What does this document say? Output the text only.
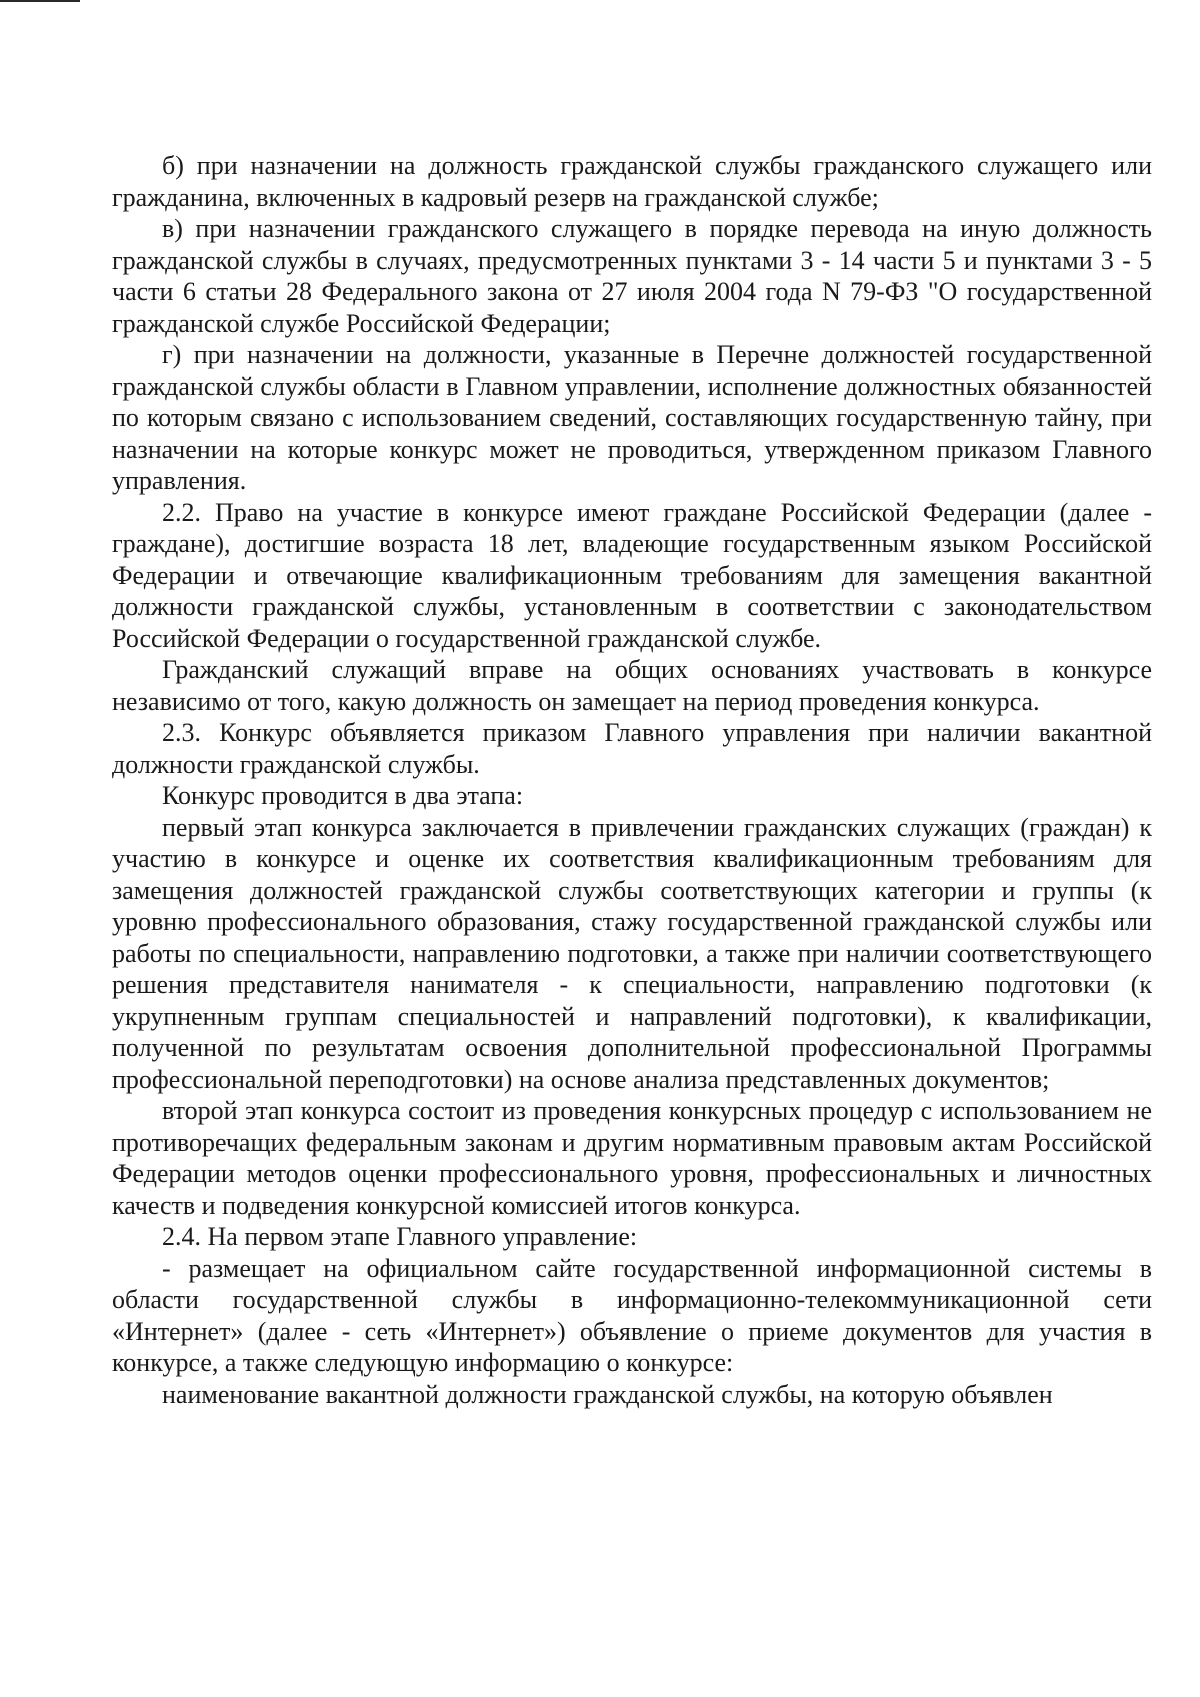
б) при назначении на должность гражданской службы гражданского служащего или гражданина, включенных в кадровый резерв на гражданской службе;

в) при назначении гражданского служащего в порядке перевода на иную должность гражданской службы в случаях, предусмотренных пунктами 3 - 14 части 5 и пунктами 3 - 5 части 6 статьи 28 Федерального закона от 27 июля 2004 года N 79-ФЗ "О государственной гражданской службе Российской Федерации;

г) при назначении на должности, указанные в Перечне должностей государственной гражданской службы области в Главном управлении, исполнение должностных обязанностей по которым связано с использованием сведений, составляющих государственную тайну, при назначении на которые конкурс может не проводиться, утвержденном приказом Главного управления.

2.2. Право на участие в конкурсе имеют граждане Российской Федерации (далее - граждане), достигшие возраста 18 лет, владеющие государственным языком Российской Федерации и отвечающие квалификационным требованиям для замещения вакантной должности гражданской службы, установленным в соответствии с законодательством Российской Федерации о государственной гражданской службе.

Гражданский служащий вправе на общих основаниях участвовать в конкурсе независимо от того, какую должность он замещает на период проведения конкурса.

2.3. Конкурс объявляется приказом Главного управления при наличии вакантной должности гражданской службы.

Конкурс проводится в два этапа:

первый этап конкурса заключается в привлечении гражданских служащих (граждан) к участию в конкурсе и оценке их соответствия квалификационным требованиям для замещения должностей гражданской службы соответствующих категории и группы (к уровню профессионального образования, стажу государственной гражданской службы или работы по специальности, направлению подготовки, а также при наличии соответствующего решения представителя нанимателя - к специальности, направлению подготовки (к укрупненным группам специальностей и направлений подготовки), к квалификации, полученной по результатам освоения дополнительной профессиональной Программы профессиональной переподготовки) на основе анализа представленных документов;

второй этап конкурса состоит из проведения конкурсных процедур с использованием не противоречащих федеральным законам и другим нормативным правовым актам Российской Федерации методов оценки профессионального уровня, профессиональных и личностных качеств и подведения конкурсной комиссией итогов конкурса.

2.4. На первом этапе Главного управление:

- размещает на официальном сайте государственной информационной системы в области государственной службы в информационно-телекоммуникационной сети «Интернет» (далее - сеть «Интернет») объявление о приеме документов для участия в конкурсе, а также следующую информацию о конкурсе:

наименование вакантной должности гражданской службы, на которую объявлен
